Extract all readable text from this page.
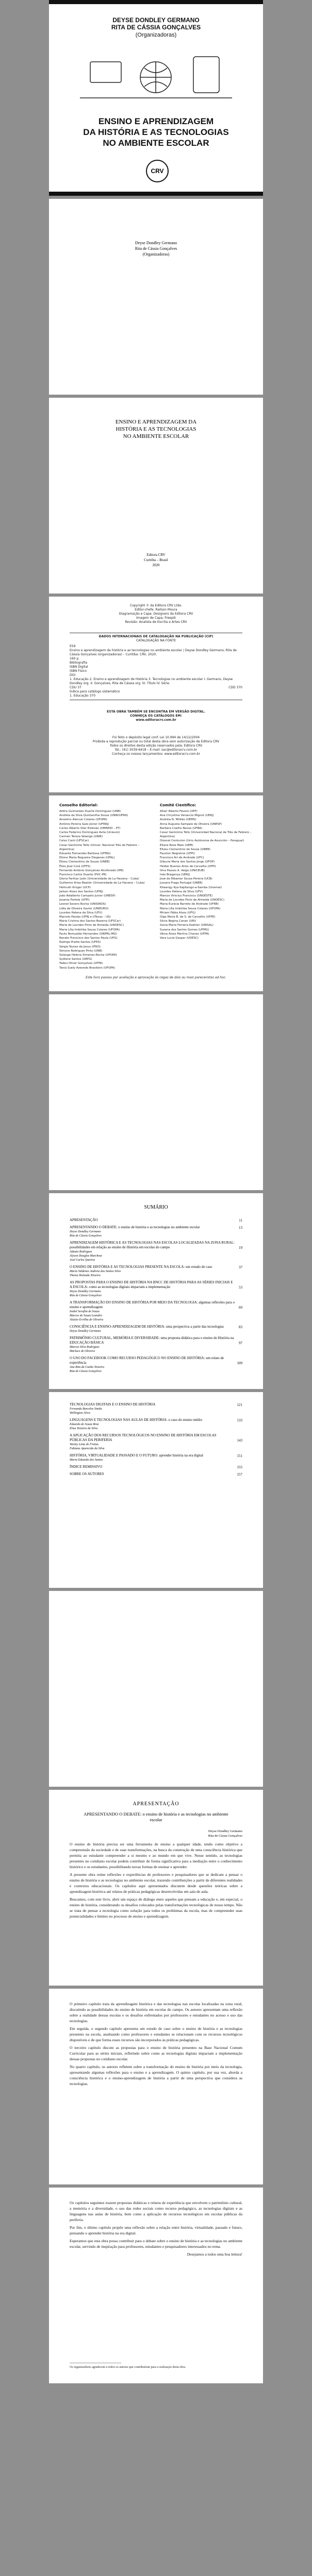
DEYSE DONDLEY GERMANO
RITA DE CÁSSIA GONÇALVES
(Organizadoras)
ENSINO E APRENDIZAGEM
DA HISTÓRIA E AS TECNOLOGIAS
NO AMBIENTE ESCOLAR
CRV
Deyse Dondley Germano
Rita de Cássia Gonçalves
(Organizadoras)
ENSINO E APRENDIZAGEM DA
HISTÓRIA E AS TECNOLOGIAS
NO AMBIENTE ESCOLAR
Editora CRV
Curitiba – Brasil
2020
Copyright © da Editora CRV Ltda.
Editor-chefe: Railson Moura
Diagramação e Capa: Designers da Editora CRV
Imagem de Capa: Freepik
Revisão: Analista de Escrita e Artes CRV
DADOS INTERNACIONAIS DE CATALOGAÇÃO NA PUBLICAÇÃO (CIP)
CATALOGAÇÃO NA FONTE
E59
Ensino e aprendizagem da história e as tecnologias no ambiente escolar / Deyse Dondley Germano, Rita de Cássia Gonçalves (organizadoras) – Curitiba: CRV, 2020.
160 p.
Bibliografia
ISBN Digital
ISBN Físico
DOI
1. Educação 2. Ensino e aprendizagem de História 3. Tecnologias no ambiente escolar I. Germano, Deyse Dondley org. II. Gonçalves, Rita de Cássia org. III. Título IV. Série.
CDU 37	CDD 370
Índice para catálogo sistemático
1. Educação 370
ESTA OBRA TAMBÉM SE ENCONTRA EM VERSÃO DIGITAL.
CONHEÇA OS CATÁLOGOS EM:
www.editoracrv.com.br
Foi feito o depósito legal conf. Lei 10.994 de 14/12/2004
Proibida a reprodução parcial ou total desta obra sem autorização da Editora CRV
Todos os direitos desta edição reservados pela: Editora CRV
Tel.: (41) 3039-6418 – E-mail: sac@editoracrv.com.br
Conheça os nossos lançamentos: www.editoracrv.com.br
Conselho Editorial:
Aldira Guimarães Duarte Domínguez (UNB)
Andréia da Silva Quintanilha Sousa (UNIR/UFRN)
Anselmo Alencar Colares (UFOPA)
Antônio Pereira Gaio Júnior (UFRRJ)
Carlos Alberto Vilar Estêvão (UMINHO – PT)
Carlos Federico Dominguez Avila (Unieuro)
Carmen Tereza Velanga (UNIR)
Celso Conti (UFSCar)
Cesar Gerónimo Tello (Univer. Nacional Três de Febrero – Argentina)
Eduardo Fernandes Barbosa (UFMG)
Elione Maria Nogueira Diogenes (UFAL)
Elizeu Clementino de Souza (UNEB)
Élsio José Corá (UFFS)
Fernando Antônio Gonçalves Alcoforado (IPB)
Francisco Carlos Duarte (PUC-PR)
Gloria Fariñas León (Universidade de La Havana – Cuba)
Guillermo Arias Beatón (Universidade de La Havana – Cuba)
Helmuth Krüger (UCP)
Jailson Alves dos Santos (UFRJ)
João Adalberto Campato Junior (UNESP)
Josania Portela (UFPI)
Leonel Severo Rocha (UNISINOS)
Lídia de Oliveira Xavier (UNIEURO)
Lourdes Helena da Silva (UFV)
Marcelo Paixão (UFRJ e UTexas – US)
Maria Cristina dos Santos Bezerra (UFSCar)
Maria de Lourdes Pinto de Almeida (UNOESC)
Maria Lília Imbiriba Sousa Colares (UFOPA)
Paulo Romualdo Hernandes (UNIFAL-MG)
Renato Francisco dos Santos Paula (UFG)
Rodrigo Pratte-Santos (UFES)
Sérgio Nunes de Jesus (IFRO)
Simone Rodrigues Pinto (UNB)
Solange Helena Ximenes-Rocha (UFOPA)
Sydione Santos (UEPG)
Tadeu Oliver Gonçalves (UFPA)
Tania Suely Azevedo Brasileiro (UFOPA)
Comitê Científico:
Altair Alberto Fávero (UPF)
Ana Chrystina Venancio Mignot (UERJ)
Andréia N. Militão (UEMS)
Anna Augusta Sampaio de Oliveira (UNESP)
Barbara Coelho Neves (UFBA)
Cesar Gerónimo Tello (Universidad Nacional de Três de Febrero – Argentina)
Diosnel Centurion (Univ Autónoma de Asunción – Paraguai)
Eliane Rose Maio (UEM)
Elizeu Clementino de Souza (UNEB)
Fauston Negreiros (UFPI)
Francisco Ari de Andrade (UFC)
Gláucia Maria dos Santos Jorge (UFOP)
Helder Buenos Aires de Carvalho (UFPI)
Ilma Passos A. Veiga (UNICEUB)
Inês Bragança (UERJ)
José de Ribamar Sousa Pereira (UCB)
Jussara Fraga Portugal (UNEB)
Kilwangy Kya Kapitango-a-Samba (Unemat)
Lourdes Helena da Silva (UFV)
Marcos Vinicius Francisco (UNOESTE)
Maria de Lourdes Pinto de Almeida (UNOESC)
Maria Eurácia Barreto de Andrade (UFRB)
Maria Lília Imbiriba Sousa Colares (UFOPA)
Míriam Fábia Alves (UFG)
Olga Maria B. de S. de Carvalho (UFPE)
Silvia Regina Canan (URI)
Sonia Maria Ferreira Koehler (UNISAL)
Suzana dos Santos Gomes (UFMG)
Vânia Alves Martins Chaves (UFPA)
Vera Lucia Gaspar (UDESC)
Este livro passou por avaliação e aprovação às cegas de dois ou mais pareceristas ad hoc.
SUMÁRIO
APRESENTAÇÃO	11
APRESENTANDO O DEBATE: o ensino de história e as tecnologias no ambiente escolar	13
Deyse Dondley Germano
Rita de Cássia Gonçalves
APRENDIZAGEM HISTÓRICA E AS TECNOLOGIAS NAS ESCOLAS LOCALIZADAS NA ZONA RURAL: possibilidades em relação ao ensino de História em escolas do campo	19
Adauto Rodrigues
Alyson Douglas Marchese
José Carlos Queiroz
O ENSINO DE HISTÓRIA E AS TECNOLOGIAS PRESENTE NA ESCOLA: um estudo de caso	37
Maria Valdenes Andreia dos Santos Silva
Thaisa Holanda Teixeira
AS PROPOSTAS PARA O ENSINO DE HISTÓRIA NA BNCC DE HISTÓRIA PARA AS SÉRIES INICIAIS E A ESCOLA: como as tecnologias digitais impactam a implementação	53
Deyse Dondley Germano
Rita de Cássia Gonçalves
A TRANSFORMAÇÃO DO ENSINO DE HISTÓRIA POR MEIO DA TECNOLOGIA: algumas reflexões para o ensino e aprendizagem	69
Isabel Serafim de Souza
Marcos de Souza Leandro
Aluízio Ervilha de Oliveira
CONSCIÊNCIA E ENSINO-APRENDIZAGEM DE HISTÓRIA: uma perspectiva a partir das tecnologias	83
Deyse Dondley Germano
PATRIMÔNIO CULTURAL, MEMÓRIA E DIVERSIDADE: uma proposta didática para o ensino de História na EDUCAÇÃO BÁSICA	97
Marcos Silva Rodrigues
Marluce de Oliveira
O USO DO FACEBOOK COMO RECURSO PEDAGÓGICO NO ENSINO DE HISTÓRIA: um relato de experiência	109
Ana Rita da Cunha Teixeira
Rita de Cássia Gonçalves
TECNOLOGIAS DIGITAIS E O ENSINO DE HISTÓRIA	121
Fernanda Barcelos Simão
Wellington Alves
LINGUAGENS E TECNOLOGIAS NAS AULAS DE HISTÓRIA: o caso do ensino médio	133
Eduardo de Souza Braz
Elisa Teixeira da Silva
A APLICAÇÃO DOS RECURSOS TECNOLÓGICOS NO ENSINO DE HISTÓRIA EM ESCOLAS PÚBLICAS DA PERIFERIA	143
Wesley Lima de Freitas
Fabiana Aparecida da Silva
HISTÓRIA, VIRTUALIDADE E PASSADO E O FUTURO: aprender história na era digital	151
Maria Eduarda dos Santos
ÍNDICE REMISSIVO	155
SOBRE OS AUTORES	157
APRESENTAÇÃO
APRESENTANDO O DEBATE: o ensino de história e as tecnologias no ambiente escolar
Deyse Dondley Germano
Rita de Cássia Gonçalves

O ensino de história precisa ser uma ferramenta de ensino a qualquer idade, tendo como objetivo a compreensão da sociedade e de suas transformações, na busca da construção de uma consciência histórica que permita ao estudante compreender a si mesmo e ao mundo em que vive. Nesse sentido, as tecnologias presentes no cotidiano escolar podem contribuir de forma significativa para a mediação entre o conhecimento histórico e os estudantes, possibilitando novas formas de ensinar e aprender.

A presente obra reúne reflexões e experiências de professores e pesquisadores que se dedicam a pensar o ensino de história e as tecnologias no ambiente escolar, trazendo contribuições a partir de diferentes realidades e contextos educacionais. Os capítulos aqui apresentados discutem desde questões teóricas sobre a aprendizagem histórica até relatos de práticas pedagógicas desenvolvidas em sala de aula.

Buscamos, com este livro, abrir um espaço de diálogo entre aqueles que pensam a educação e, em especial, o ensino de história, considerando os desafios colocados pelas transformações tecnológicas de nosso tempo. Não se trata de pensar a tecnologia como solução para todos os problemas da escola, mas de compreender suas potencialidades e limites no processo de ensino e aprendizagem.

O primeiro capítulo trata da aprendizagem histórica e das tecnologias nas escolas localizadas na zona rural, discutindo as possibilidades do ensino de história em escolas do campo. Os autores apresentam uma reflexão sobre a realidade dessas escolas e os desafios enfrentados por professores e estudantes no acesso e uso das tecnologias.

Em seguida, o segundo capítulo apresenta um estudo de caso sobre o ensino de história e as tecnologias presentes na escola, analisando como professores e estudantes se relacionam com os recursos tecnológicos disponíveis e de que forma esses recursos são incorporados às práticas pedagógicas.

O terceiro capítulo discute as propostas para o ensino de história presentes na Base Nacional Comum Curricular para as séries iniciais, refletindo sobre como as tecnologias digitais impactam a implementação dessas propostas no cotidiano escolar.

No quarto capítulo, os autores refletem sobre a transformação do ensino de história por meio da tecnologia, apresentando algumas reflexões para o ensino e a aprendizagem. O quinto capítulo, por sua vez, aborda a consciência histórica e o ensino-aprendizagem de história a partir de uma perspectiva que considera as tecnologias.

Os capítulos seguintes trazem propostas didáticas e relatos de experiência que envolvem o patrimônio cultural, a memória e a diversidade, o uso das redes sociais como recurso pedagógico, as tecnologias digitais e as linguagens nas aulas de história, bem como a aplicação de recursos tecnológicos em escolas públicas da periferia.

Por fim, o último capítulo propõe uma reflexão sobre a relação entre história, virtualidade, passado e futuro, pensando o aprender história na era digital.

Esperamos que esta obra possa contribuir para o debate sobre o ensino de história e as tecnologias no ambiente escolar, servindo de inspiração para professores, estudantes e pesquisadores interessados no tema.

Desejamos a todos uma boa leitura!

Os organizadores agradecem a todos os autores que contribuíram para a realização desta obra.
